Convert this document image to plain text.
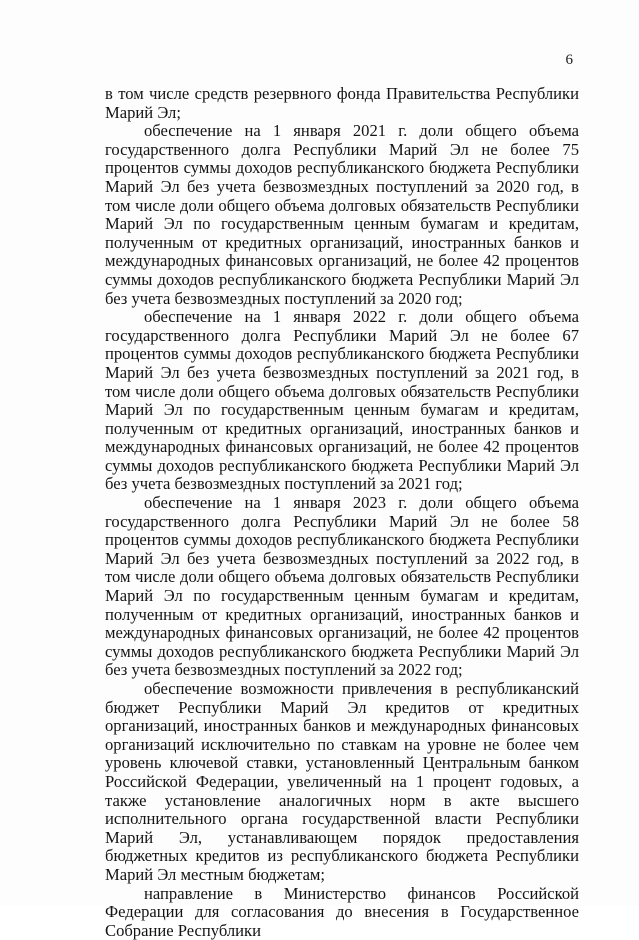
6

в том числе средств резервного фонда Правительства Республики Марий Эл;

обеспечение на 1 января 2021 г. доли общего объема государственного долга Республики Марий Эл не более 75 процентов суммы доходов республиканского бюджета Республики Марий Эл без учета безвозмездных поступлений за 2020 год, в том числе доли общего объема долговых обязательств Республики Марий Эл по государственным ценным бумагам и кредитам, полученным от кредитных организаций, иностранных банков и международных финансовых организаций, не более 42 процентов суммы доходов республиканского бюджета Республики Марий Эл без учета безвозмездных поступлений за 2020 год;

обеспечение на 1 января 2022 г. доли общего объема государственного долга Республики Марий Эл не более 67 процентов суммы доходов республиканского бюджета Республики Марий Эл без учета безвозмездных поступлений за 2021 год, в том числе доли общего объема долговых обязательств Республики Марий Эл по государственным ценным бумагам и кредитам, полученным от кредитных организаций, иностранных банков и международных финансовых организаций, не более 42 процентов суммы доходов республиканского бюджета Республики Марий Эл без учета безвозмездных поступлений за 2021 год;

обеспечение на 1 января 2023 г. доли общего объема государственного долга Республики Марий Эл не более 58 процентов суммы доходов республиканского бюджета Республики Марий Эл без учета безвозмездных поступлений за 2022 год, в том числе доли общего объема долговых обязательств Республики Марий Эл по государственным ценным бумагам и кредитам, полученным от кредитных организаций, иностранных банков и международных финансовых организаций, не более 42 процентов суммы доходов республиканского бюджета Республики Марий Эл без учета безвозмездных поступлений за 2022 год;

обеспечение возможности привлечения в республиканский бюджет Республики Марий Эл кредитов от кредитных организаций, иностранных банков и международных финансовых организаций исключительно по ставкам на уровне не более чем уровень ключевой ставки, установленный Центральным банком Российской Федерации, увеличенный на 1 процент годовых, а также установление аналогичных норм в акте высшего исполнительного органа государственной власти Республики Марий Эл, устанавливающем порядок предоставления бюджетных кредитов из республиканского бюджета Республики Марий Эл местным бюджетам;

направление в Министерство финансов Российской Федерации для согласования до внесения в Государственное Собрание Республики
